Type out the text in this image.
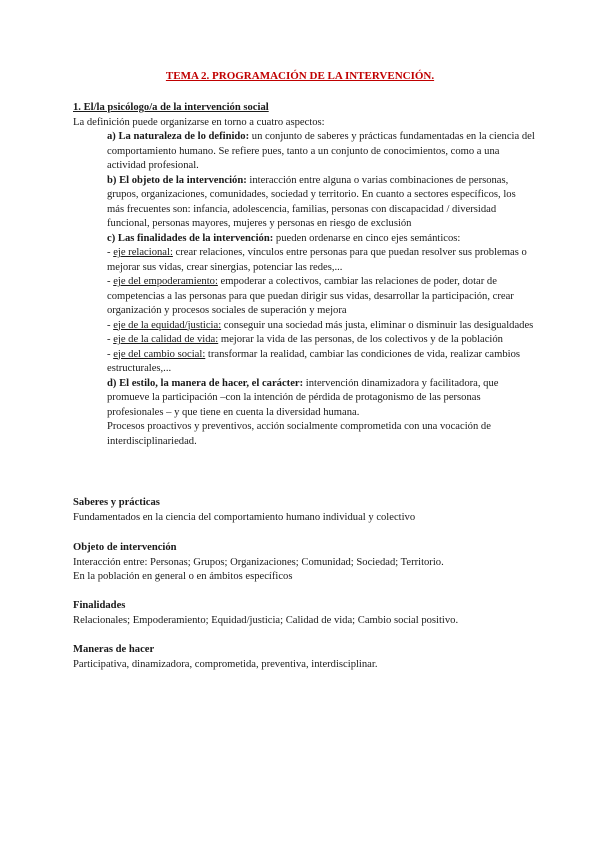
TEMA 2. PROGRAMACIÓN DE LA INTERVENCIÓN.

1. El/la psicólogo/a de la intervención social

La definición puede organizarse en torno a cuatro aspectos:

a) La naturaleza de lo definido: un conjunto de saberes y prácticas fundamentadas en la ciencia del comportamiento humano. Se refiere pues, tanto a un conjunto de conocimientos, como a una actividad profesional.

b) El objeto de la intervención: interacción entre alguna o varias combinaciones de personas, grupos, organizaciones, comunidades, sociedad y territorio. En cuanto a sectores específicos, los más frecuentes son: infancia, adolescencia, familias, personas con discapacidad / diversidad funcional, personas mayores, mujeres y personas en riesgo de exclusión

c) Las finalidades de la intervención: pueden ordenarse en cinco ejes semánticos:

- eje relacional: crear relaciones, vínculos entre personas para que puedan resolver sus problemas o mejorar sus vidas, crear sinergias, potenciar las redes,...

- eje del empoderamiento: empoderar a colectivos, cambiar las relaciones de poder, dotar de competencias a las personas para que puedan dirigir sus vidas, desarrollar la participación, crear organización y procesos sociales de superación y mejora

- eje de la equidad/justicia: conseguir una sociedad más justa, eliminar o disminuir las desigualdades

- eje de la calidad de vida: mejorar la vida de las personas, de los colectivos y de la población

- eje del cambio social: transformar la realidad, cambiar las condiciones de vida, realizar cambios estructurales,...

d) El estilo, la manera de hacer, el carácter: intervención dinamizadora y facilitadora, que promueve la participación –con la intención de pérdida de protagonismo de las personas profesionales – y que tiene en cuenta la diversidad humana.

Procesos proactivos y preventivos, acción socialmente comprometida con una vocación de interdisciplinariedad.

Saberes y prácticas

Fundamentados en la ciencia del comportamiento humano individual y colectivo

Objeto de intervención

Interacción entre: Personas; Grupos; Organizaciones; Comunidad; Sociedad; Territorio.

En la población en general o en ámbitos específicos

Finalidades

Relacionales; Empoderamiento; Equidad/justicia; Calidad de vida; Cambio social positivo.

Maneras de hacer

Participativa, dinamizadora, comprometida, preventiva, interdisciplinar.
